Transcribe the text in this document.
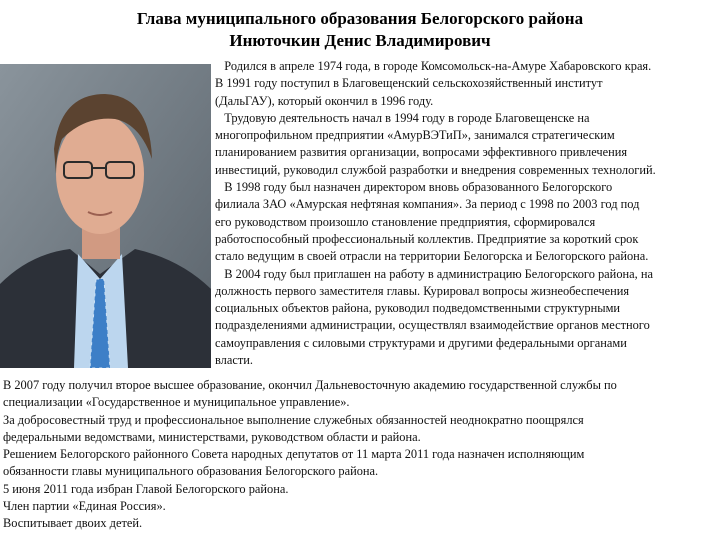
Глава муниципального образования Белогорского района
Инюточкин Денис Владимирович
Родился в апреле 1974 года, в городе Комсомольск-на-Амуре Хабаровского края.
В 1991 году поступил в Благовещенский сельскохозяйственный институт
(ДальГАУ), который окончил в 1996 году.
Трудовую деятельность начал в 1994 году в городе Благовещенске на
многопрофильном предприятии «АмурВЭТиП», занимался стратегическим
планированием развития организации, вопросами эффективного привлечения
инвестиций, руководил службой разработки и внедрения современных технологий.
В 1998 году был назначен директором вновь образованного Белогорского
филиала ЗАО «Амурская нефтяная компания». За период с 1998 по 2003 год под
его руководством произошло становление предприятия, сформировался
работоспособный профессиональный коллектив. Предприятие за короткий срок
стало ведущим в своей отрасли на территории Белогорска и Белогорского района.
В 2004 году был приглашен на работу в администрацию Белогорского района, на
должность первого заместителя главы. Курировал вопросы жизнеобеспечения
социальных объектов района, руководил подведомственными структурными
подразделениями администрации, осуществлял взаимодействие органов местного
самоуправления с силовыми структурами и другими федеральными органами
власти.
В 2007 году получил второе высшее образование, окончил Дальневосточную академию государственной службы по
специализации «Государственное и муниципальное управление».
За добросовестный труд и профессиональное выполнение служебных обязанностей неоднократно поощрялся
федеральными ведомствами, министерствами, руководством области и района.
Решением Белогорского районного Совета народных депутатов от 11 марта 2011 года назначен исполняющим
обязанности главы муниципального образования Белогорского района.
5 июня 2011 года избран Главой Белогорского района.
Член партии «Единая Россия».
Воспитывает двоих детей.
